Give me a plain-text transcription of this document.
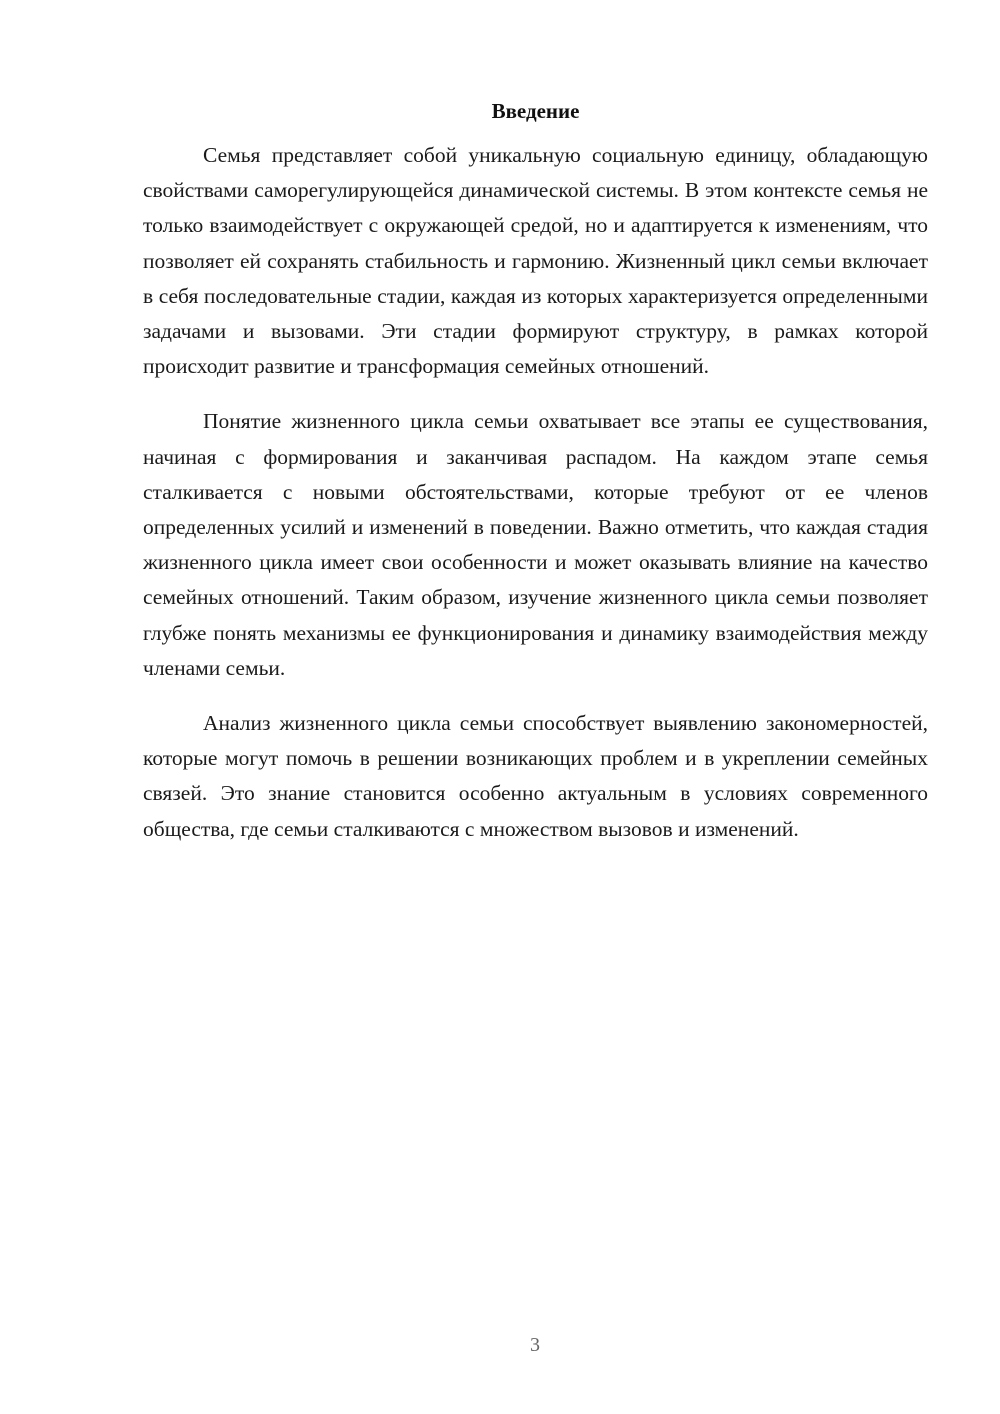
Введение

Семья представляет собой уникальную социальную единицу, обладающую свойствами саморегулирующейся динамической системы. В этом контексте семья не только взаимодействует с окружающей средой, но и адаптируется к изменениям, что позволяет ей сохранять стабильность и гармонию. Жизненный цикл семьи включает в себя последовательные стадии, каждая из которых характеризуется определенными задачами и вызовами. Эти стадии формируют структуру, в рамках которой происходит развитие и трансформация семейных отношений.

Понятие жизненного цикла семьи охватывает все этапы ее существования, начиная с формирования и заканчивая распадом. На каждом этапе семья сталкивается с новыми обстоятельствами, которые требуют от ее членов определенных усилий и изменений в поведении. Важно отметить, что каждая стадия жизненного цикла имеет свои особенности и может оказывать влияние на качество семейных отношений. Таким образом, изучение жизненного цикла семьи позволяет глубже понять механизмы ее функционирования и динамику взаимодействия между членами семьи.

Анализ жизненного цикла семьи способствует выявлению закономерностей, которые могут помочь в решении возникающих проблем и в укреплении семейных связей. Это знание становится особенно актуальным в условиях современного общества, где семьи сталкиваются с множеством вызовов и изменений.

3
